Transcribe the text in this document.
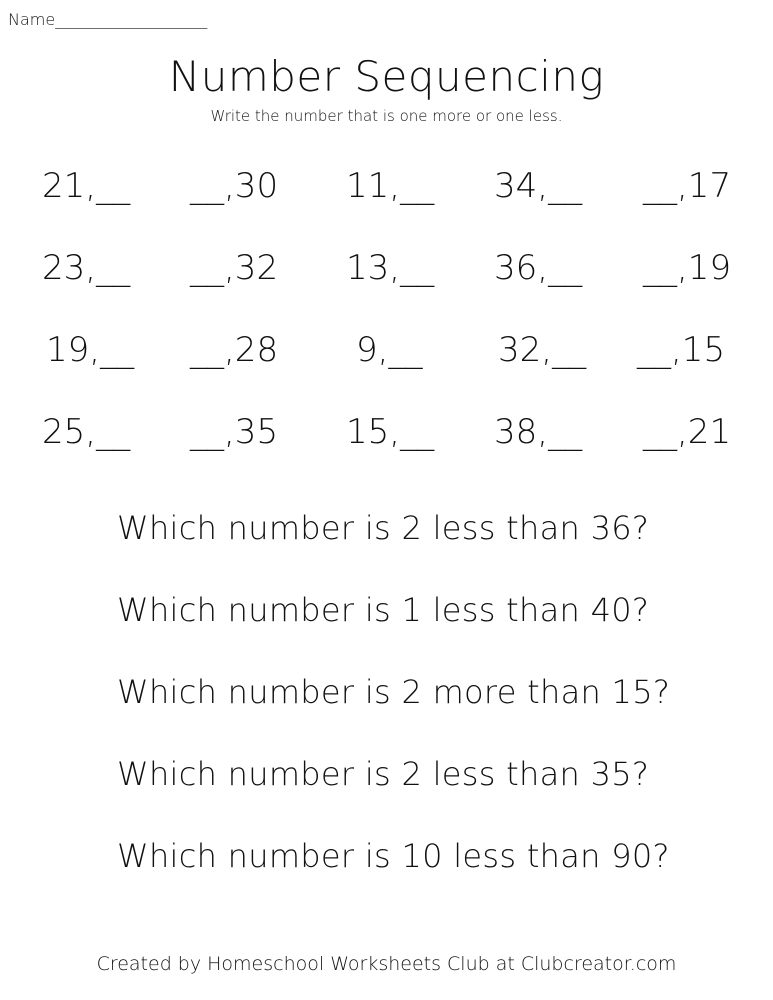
Name___________________
Number Sequencing
Write the number that is one more or one less.
21,__ __,30 11,__ 34,__ __,17
23,__ __,32 13,__ 36,__ __,19
19,__ __,28 9,__ 32,__ __,15
25,__ __,35 15,__ 38,__ __,21
Which number is 2 less than 36?
Which number is 1 less than 40?
Which number is 2 more than 15?
Which number is 2 less than 35?
Which number is 10 less than 90?
Created by Homeschool Worksheets Club at Clubcreator.com
